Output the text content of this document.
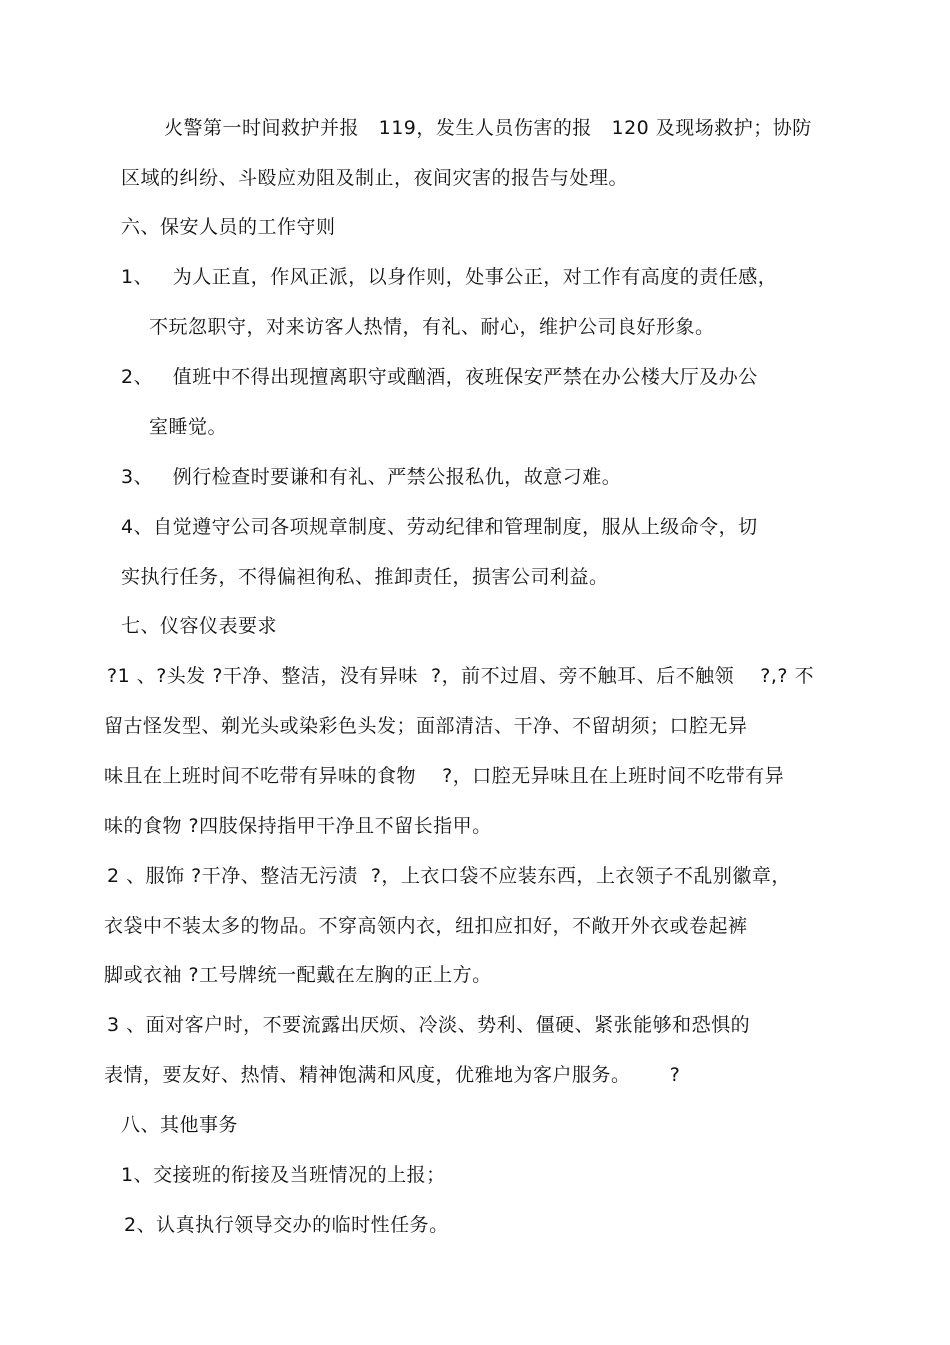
火警第一时间救护并报   119，发生人员伤害的报   120 及现场救护；协防
区域的纠纷、斗殴应劝阻及制止，夜间灾害的报告与处理。
六、保安人员的工作守则
1、   为人正直，作风正派，以身作则，处事公正，对工作有高度的责任感，
不玩忽职守，对来访客人热情，有礼、耐心，维护公司良好形象。
2、   值班中不得出现擅离职守或酗酒，夜班保安严禁在办公楼大厅及办公
室睡觉。
3、   例行检查时要谦和有礼、严禁公报私仇，故意刁难。
4、自觉遵守公司各项规章制度、劳动纪律和管理制度，服从上级命令，切
实执行任务，不得偏袒徇私、推卸责任，损害公司利益。
七、仪容仪表要求
?1 、?头发 ?干净、整洁，没有异味  ?，前不过眉、旁不触耳、后不触领    ?,? 不
留古怪发型、剃光头或染彩色头发；面部清洁、干净、不留胡须；口腔无异
味且在上班时间不吃带有异味的食物    ?，口腔无异味且在上班时间不吃带有异
味的食物 ?四肢保持指甲干净且不留长指甲。
2 、服饰 ?干净、整洁无污渍  ?，上衣口袋不应装东西，上衣领子不乱别徽章，
衣袋中不装太多的物品。不穿高领内衣，纽扣应扣好，不敞开外衣或卷起裤
脚或衣袖 ?工号牌统一配戴在左胸的正上方。
3 、面对客户时，不要流露出厌烦、冷淡、势利、僵硬、紧张能够和恐惧的
表情，要友好、热情、精神饱满和风度，优雅地为客户服务。      ?
八、其他事务
1、交接班的衔接及当班情况的上报；
2、认真执行领导交办的临时性任务。
